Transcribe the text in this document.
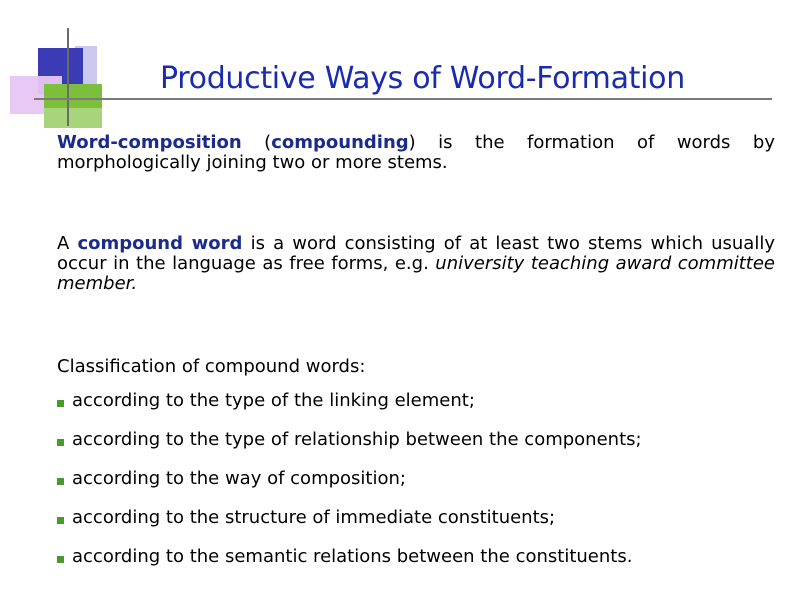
Productive Ways of Word-Formation

Word-composition (compounding) is the formation of words by morphologically joining two or more stems.

A compound word is a word consisting of at least two stems which usually occur in the language as free forms, e.g. university teaching award committee member.

Classification of compound words:
according to the type of the linking element;
according to the type of relationship between the components;
according to the way of composition;
according to the structure of immediate constituents;
according to the semantic relations between the constituents.
